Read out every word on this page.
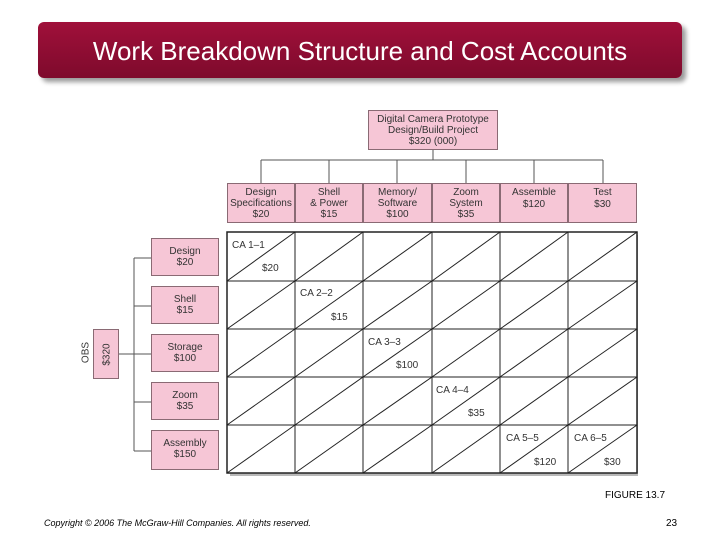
Work Breakdown Structure and Cost Accounts
Digital Camera Prototype
Design/Build Project
$320 (000)
Design
Specifications
$20
Shell
& Power
$15
Memory/
Software
$100
Zoom
System
$35
Assemble
$120
Test
$30
$320
OBS
Design
$20
Shell
$15
Storage
$100
Zoom
$35
Assembly
$150
CA 1–1
$20
CA 2–2
$15
CA 3–3
$100
CA 4–4
$35
CA 5–5
$120
CA 6–5
$30
FIGURE 13.7
Copyright © 2006 The McGraw-Hill Companies. All rights reserved.	23
